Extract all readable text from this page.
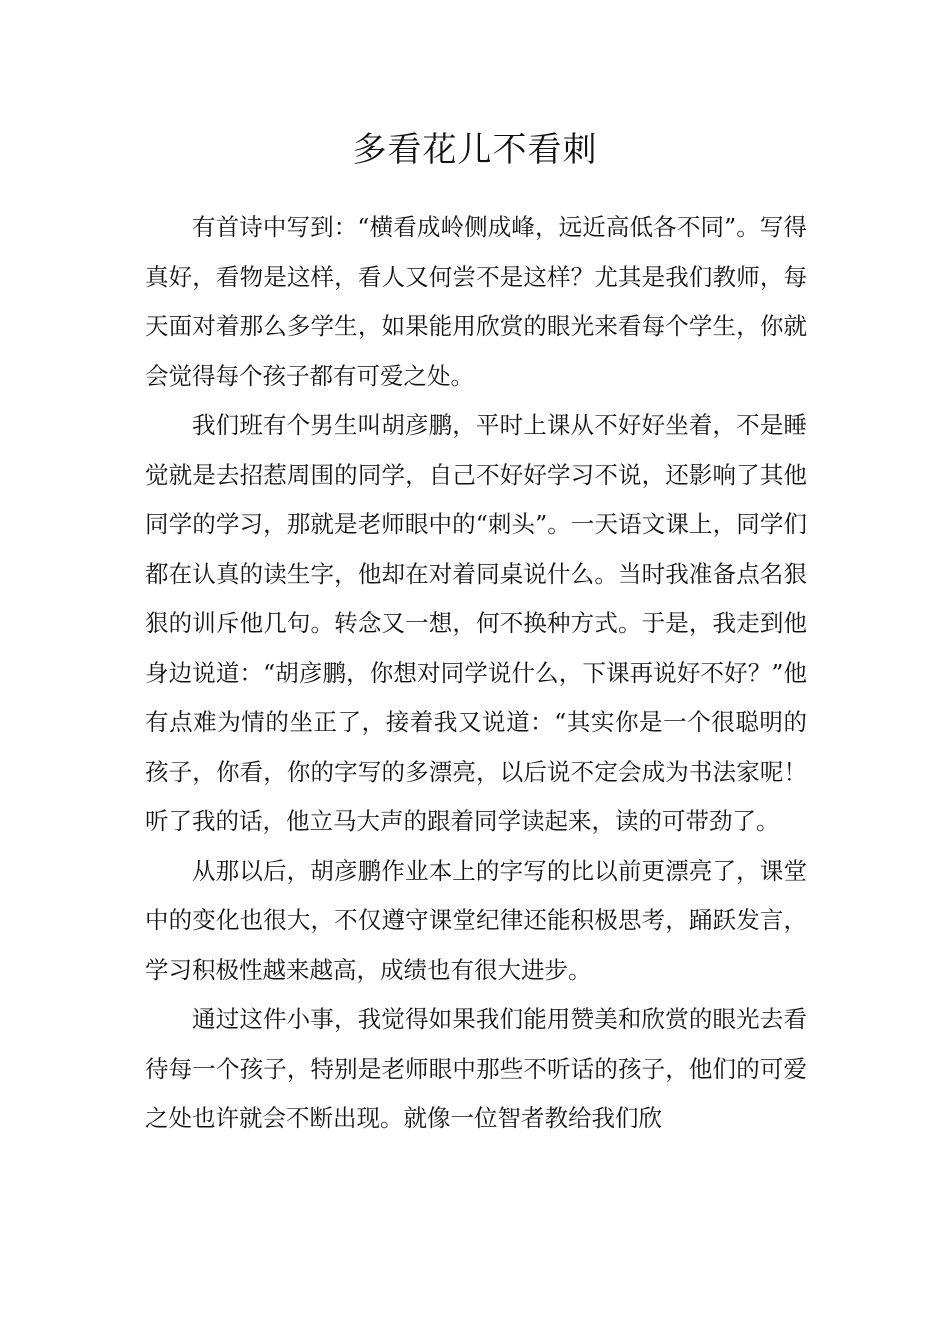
多看花儿不看刺

有首诗中写到：“横看成岭侧成峰，远近高低各不同”。写得真好，看物是这样，看人又何尝不是这样？尤其是我们教师，每天面对着那么多学生，如果能用欣赏的眼光来看每个学生，你就会觉得每个孩子都有可爱之处。

我们班有个男生叫胡彦鹏，平时上课从不好好坐着，不是睡觉就是去招惹周围的同学，自己不好好学习不说，还影响了其他同学的学习，那就是老师眼中的“刺头”。一天语文课上，同学们都在认真的读生字，他却在对着同桌说什么。当时我准备点名狠狠的训斥他几句。转念又一想，何不换种方式。于是，我走到他身边说道：“胡彦鹏，你想对同学说什么，下课再说好不好？”他有点难为情的坐正了，接着我又说道：“其实你是一个很聪明的孩子，你看，你的字写的多漂亮，以后说不定会成为书法家呢！听了我的话，他立马大声的跟着同学读起来，读的可带劲了。

从那以后，胡彦鹏作业本上的字写的比以前更漂亮了，课堂中的变化也很大，不仅遵守课堂纪律还能积极思考，踊跃发言，学习积极性越来越高，成绩也有很大进步。

通过这件小事，我觉得如果我们能用赞美和欣赏的眼光去看待每一个孩子，特别是老师眼中那些不听话的孩子，他们的可爱之处也许就会不断出现。就像一位智者教给我们欣
